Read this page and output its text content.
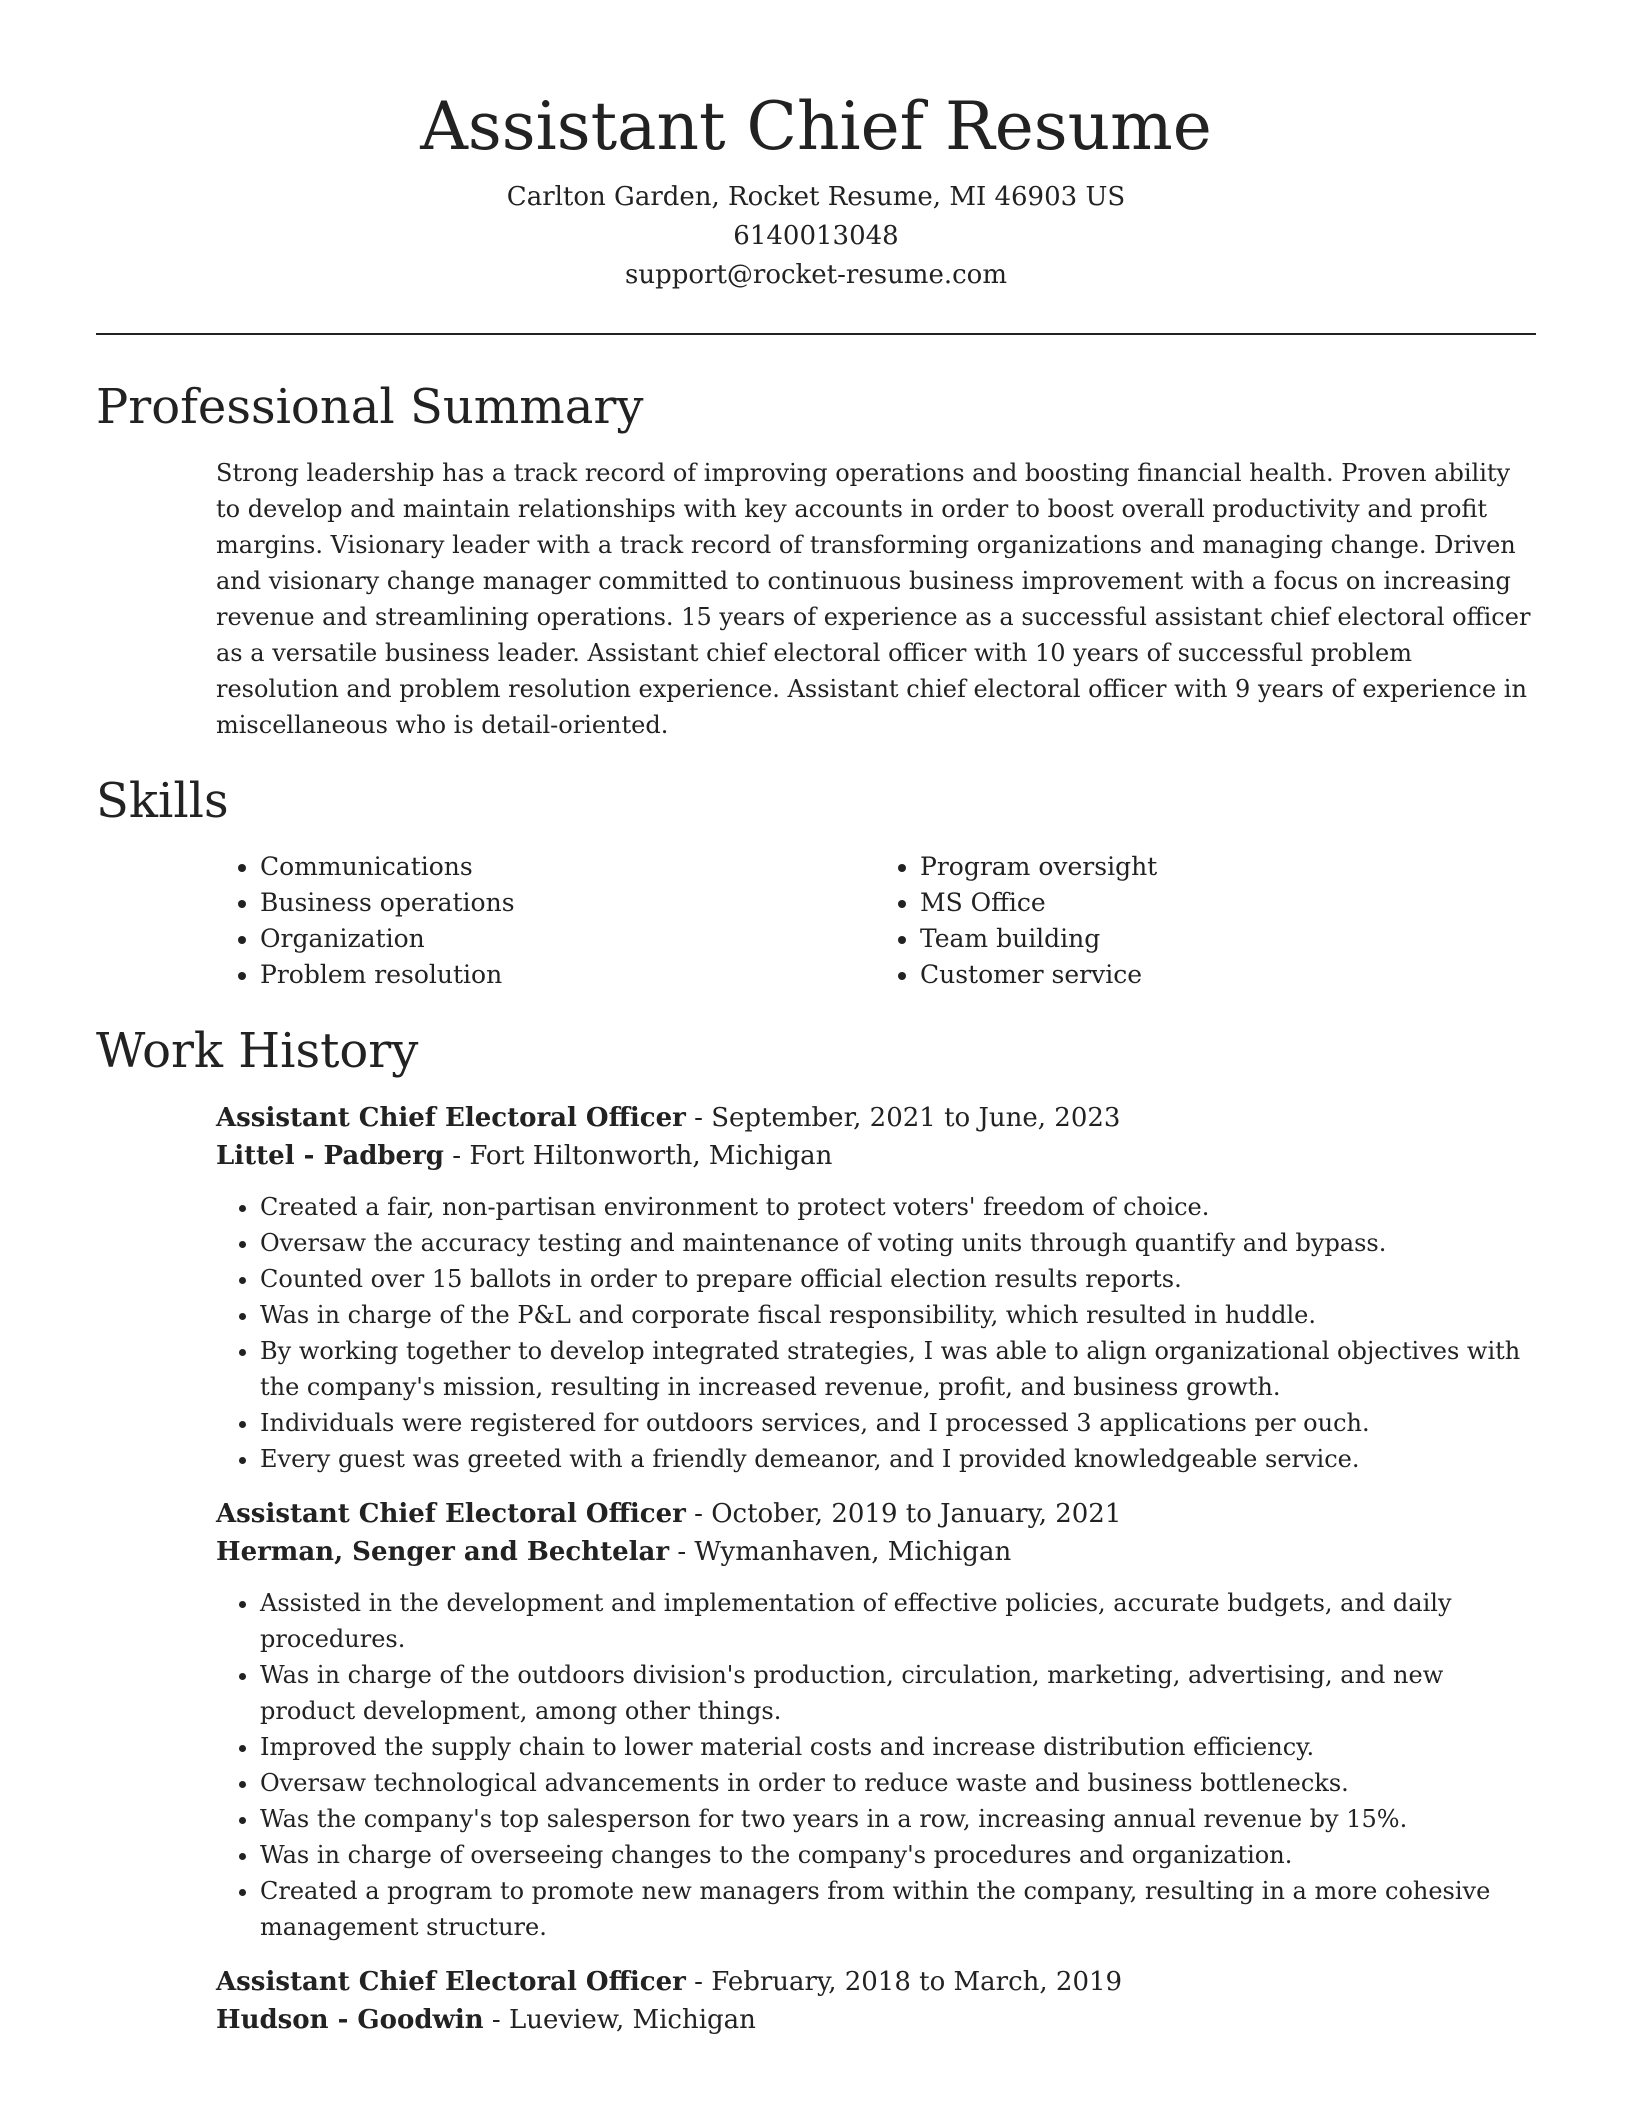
Assistant Chief Resume

Carlton Garden, Rocket Resume, MI 46903 US

6140013048

support@rocket-resume.com

Professional Summary

Strong leadership has a track record of improving operations and boosting financial health. Proven ability to develop and maintain relationships with key accounts in order to boost overall productivity and profit margins. Visionary leader with a track record of transforming organizations and managing change. Driven and visionary change manager committed to continuous business improvement with a focus on increasing revenue and streamlining operations. 15 years of experience as a successful assistant chief electoral officer as a versatile business leader. Assistant chief electoral officer with 10 years of successful problem resolution and problem resolution experience. Assistant chief electoral officer with 9 years of experience in miscellaneous who is detail-oriented.

Skills
• Communications
• Business operations
• Organization
• Problem resolution
• Program oversight
• MS Office
• Team building
• Customer service
Work History

Assistant Chief Electoral Officer - September, 2021 to June, 2023

Littel - Padberg - Fort Hiltonworth, Michigan

• Created a fair, non-partisan environment to protect voters' freedom of choice.
• Oversaw the accuracy testing and maintenance of voting units through quantify and bypass.
• Counted over 15 ballots in order to prepare official election results reports.
• Was in charge of the P&L and corporate fiscal responsibility, which resulted in huddle.
• By working together to develop integrated strategies, I was able to align organizational objectives with the company's mission, resulting in increased revenue, profit, and business growth.
• Individuals were registered for outdoors services, and I processed 3 applications per ouch.
• Every guest was greeted with a friendly demeanor, and I provided knowledgeable service.

Assistant Chief Electoral Officer - October, 2019 to January, 2021

Herman, Senger and Bechtelar - Wymanhaven, Michigan

• Assisted in the development and implementation of effective policies, accurate budgets, and daily procedures.
• Was in charge of the outdoors division's production, circulation, marketing, advertising, and new product development, among other things.
• Improved the supply chain to lower material costs and increase distribution efficiency.
• Oversaw technological advancements in order to reduce waste and business bottlenecks.
• Was the company's top salesperson for two years in a row, increasing annual revenue by 15%.
• Was in charge of overseeing changes to the company's procedures and organization.
• Created a program to promote new managers from within the company, resulting in a more cohesive management structure.

Assistant Chief Electoral Officer - February, 2018 to March, 2019

Hudson - Goodwin - Lueview, Michigan
